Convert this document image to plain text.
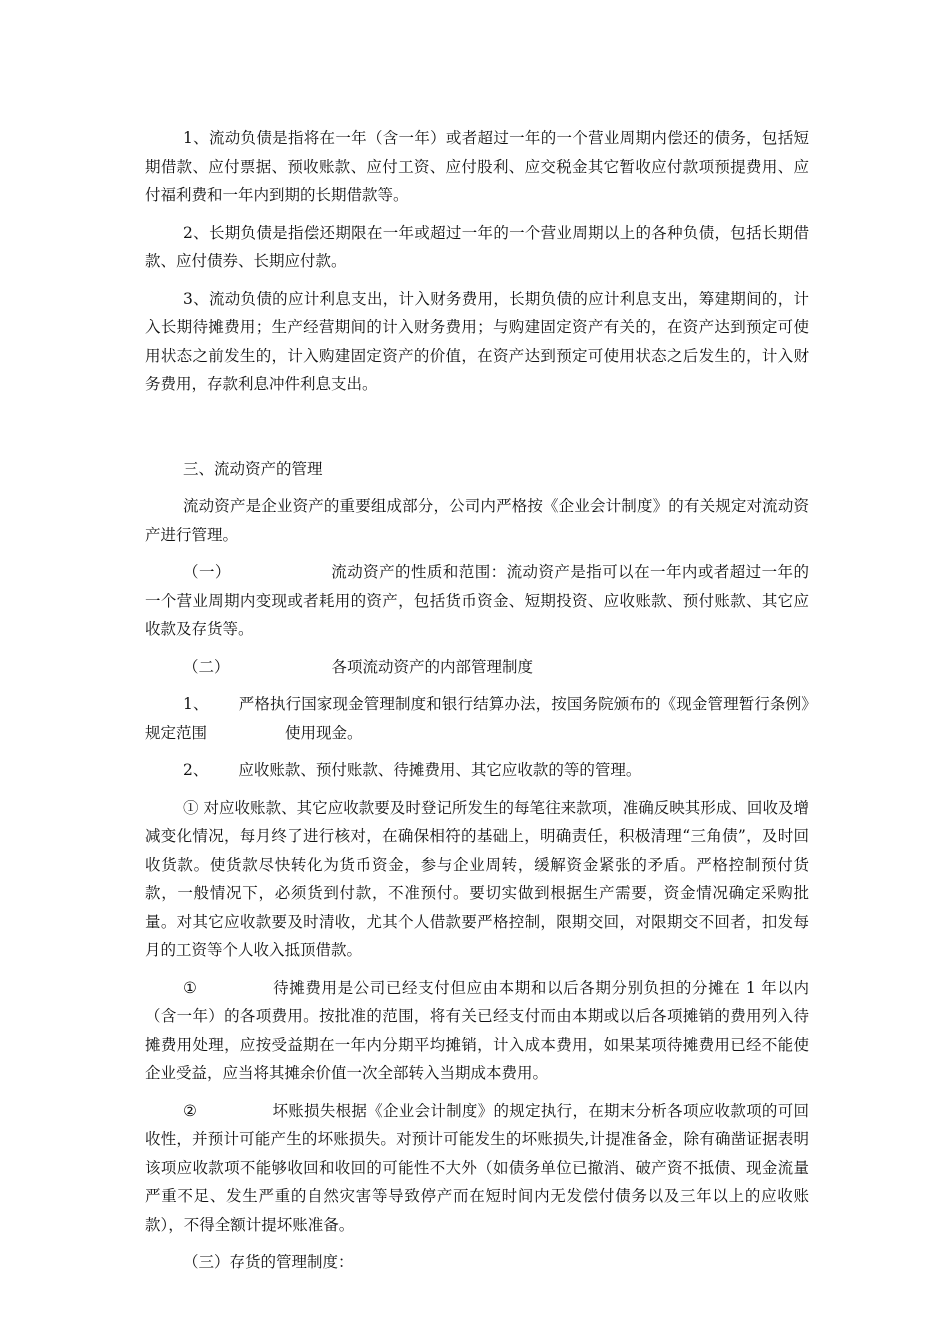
1、流动负债是指将在一年（含一年）或者超过一年的一个营业周期内偿还的债务，包括短期借款、应付票据、预收账款、应付工资、应付股利、应交税金其它暂收应付款项预提费用、应付福利费和一年内到期的长期借款等。

2、长期负债是指偿还期限在一年或超过一年的一个营业周期以上的各种负债，包括长期借款、应付债券、长期应付款。

3、流动负债的应计利息支出，计入财务费用，长期负债的应计利息支出，筹建期间的，计入长期待摊费用；生产经营期间的计入财务费用；与购建固定资产有关的，在资产达到预定可使用状态之前发生的，计入购建固定资产的价值，在资产达到预定可使用状态之后发生的，计入财务费用，存款利息冲件利息支出。

三、流动资产的管理

流动资产是企业资产的重要组成部分，公司内严格按《企业会计制度》的有关规定对流动资产进行管理。

（一）	流动资产的性质和范围：流动资产是指可以在一年内或者超过一年的一个营业周期内变现或者耗用的资产，包括货币资金、短期投资、应收账款、预付账款、其它应收款及存货等。

（二）	各项流动资产的内部管理制度

1、 严格执行国家现金管理制度和银行结算办法，按国务院颁布的《现金管理暂行条例》规定范围	使用现金。

2、 应收账款、预付账款、待摊费用、其它应收款的等的管理。

① 对应收账款、其它应收款要及时登记所发生的每笔往来款项，准确反映其形成、回收及增减变化情况，每月终了进行核对，在确保相符的基础上，明确责任，积极清理“三角债”，及时回收货款。使货款尽快转化为货币资金，参与企业周转，缓解资金紧张的矛盾。严格控制预付货款，一般情况下，必须货到付款，不准预付。要切实做到根据生产需要，资金情况确定采购批量。对其它应收款要及时清收，尤其个人借款要严格控制，限期交回，对限期交不回者，扣发每月的工资等个人收入抵顶借款。

①	待摊费用是公司已经支付但应由本期和以后各期分别负担的分摊在 1 年以内（含一年）的各项费用。按批准的范围，将有关已经支付而由本期或以后各项摊销的费用列入待摊费用处理，应按受益期在一年内分期平均摊销，计入成本费用，如果某项待摊费用已经不能使企业受益，应当将其摊余价值一次全部转入当期成本费用。

②	坏账损失根据《企业会计制度》的规定执行，在期末分析各项应收款项的可回收性，并预计可能产生的坏账损失。对预计可能发生的坏账损失,计提准备金，除有确凿证据表明该项应收款项不能够收回和收回的可能性不大外（如债务单位已撤消、破产资不抵债、现金流量严重不足、发生严重的自然灾害等导致停产而在短时间内无发偿付债务以及三年以上的应收账款），不得全额计提坏账准备。

（三）存货的管理制度：
